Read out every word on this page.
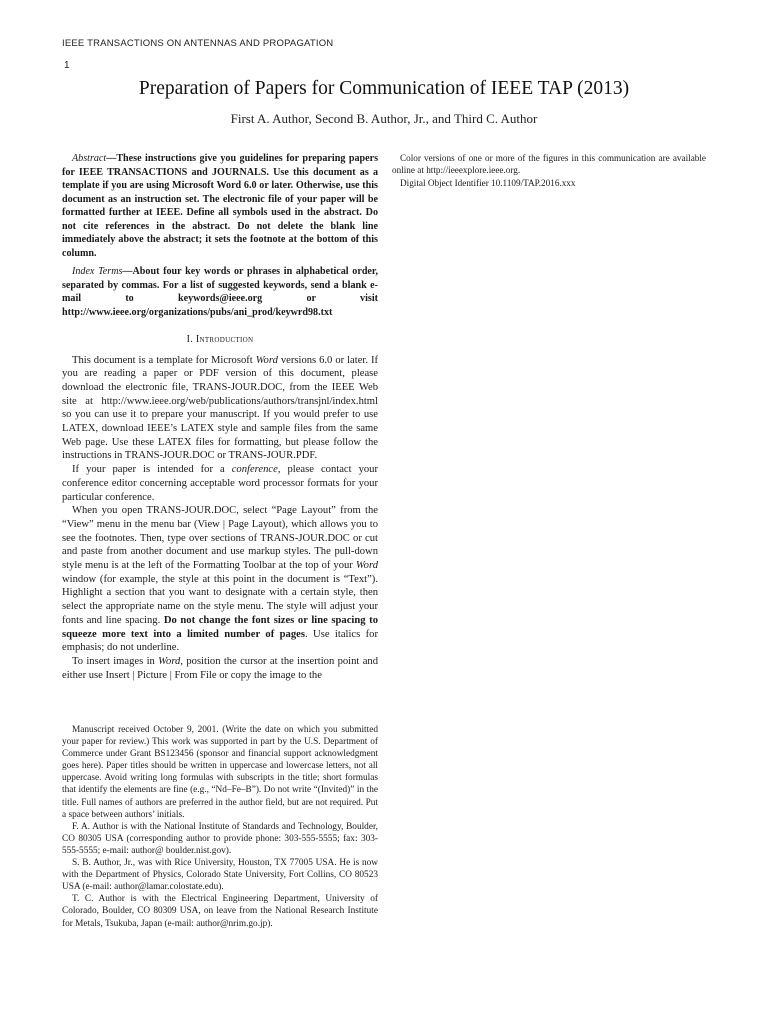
IEEE TRANSACTIONS ON ANTENNAS AND PROPAGATION
1
Preparation of Papers for Communication of IEEE TAP (2013)
First A. Author, Second B. Author, Jr., and Third C. Author

Abstract—These instructions give you guidelines for preparing papers for IEEE TRANSACTIONS and JOURNALS. Use this document as a template if you are using Microsoft Word 6.0 or later. Otherwise, use this document as an instruction set. The electronic file of your paper will be formatted further at IEEE. Define all symbols used in the abstract. Do not cite references in the abstract. Do not delete the blank line immediately above the abstract; it sets the footnote at the bottom of this column.

Index Terms—About four key words or phrases in alphabetical order, separated by commas. For a list of suggested keywords, send a blank e-mail to keywords@ieee.org or visit http://www.ieee.org/organizations/pubs/ani_prod/keywrd98.txt

I. Introduction

This document is a template for Microsoft Word versions 6.0 or later. If you are reading a paper or PDF version of this document, please download the electronic file, TRANS-JOUR.DOC, from the IEEE Web site at http://www.ieee.org/web/publications/authors/transjnl/index.html so you can use it to prepare your manuscript. If you would prefer to use LATEX, download IEEE’s LATEX style and sample files from the same Web page. Use these LATEX files for formatting, but please follow the instructions in TRANS-JOUR.DOC or TRANS-JOUR.PDF.

If your paper is intended for a conference, please contact your conference editor concerning acceptable word processor formats for your particular conference.

When you open TRANS-JOUR.DOC, select “Page Layout” from the “View” menu in the menu bar (View | Page Layout), which allows you to see the footnotes. Then, type over sections of TRANS-JOUR.DOC or cut and paste from another document and use markup styles. The pull-down style menu is at the left of the Formatting Toolbar at the top of your Word window (for example, the style at this point in the document is “Text”). Highlight a section that you want to designate with a certain style, then select the appropriate name on the style menu. The style will adjust your fonts and line spacing. Do not change the font sizes or line spacing to squeeze more text into a limited number of pages. Use italics for emphasis; do not underline.

To insert images in Word, position the cursor at the insertion point and either use Insert | Picture | From File or copy the image to the

Manuscript received October 9, 2001. (Write the date on which you submitted your paper for review.) This work was supported in part by the U.S. Department of Commerce under Grant BS123456 (sponsor and financial support acknowledgment goes here). Paper titles should be written in uppercase and lowercase letters, not all uppercase. Avoid writing long formulas with subscripts in the title; short formulas that identify the elements are fine (e.g., “Nd–Fe–B”). Do not write “(Invited)” in the title. Full names of authors are preferred in the author field, but are not required. Put a space between authors’ initials.

F. A. Author is with the National Institute of Standards and Technology, Boulder, CO 80305 USA (corresponding author to provide phone: 303-555-5555; fax: 303-555-5555; e-mail: author@ boulder.nist.gov).

S. B. Author, Jr., was with Rice University, Houston, TX 77005 USA. He is now with the Department of Physics, Colorado State University, Fort Collins, CO 80523 USA (e-mail: author@lamar.colostate.edu).

T. C. Author is with the Electrical Engineering Department, University of Colorado, Boulder, CO 80309 USA, on leave from the National Research Institute for Metals, Tsukuba, Japan (e-mail: author@nrim.go.jp).

Color versions of one or more of the figures in this communication are available online at http://ieeexplore.ieee.org.

Digital Object Identifier 10.1109/TAP.2016.xxx
